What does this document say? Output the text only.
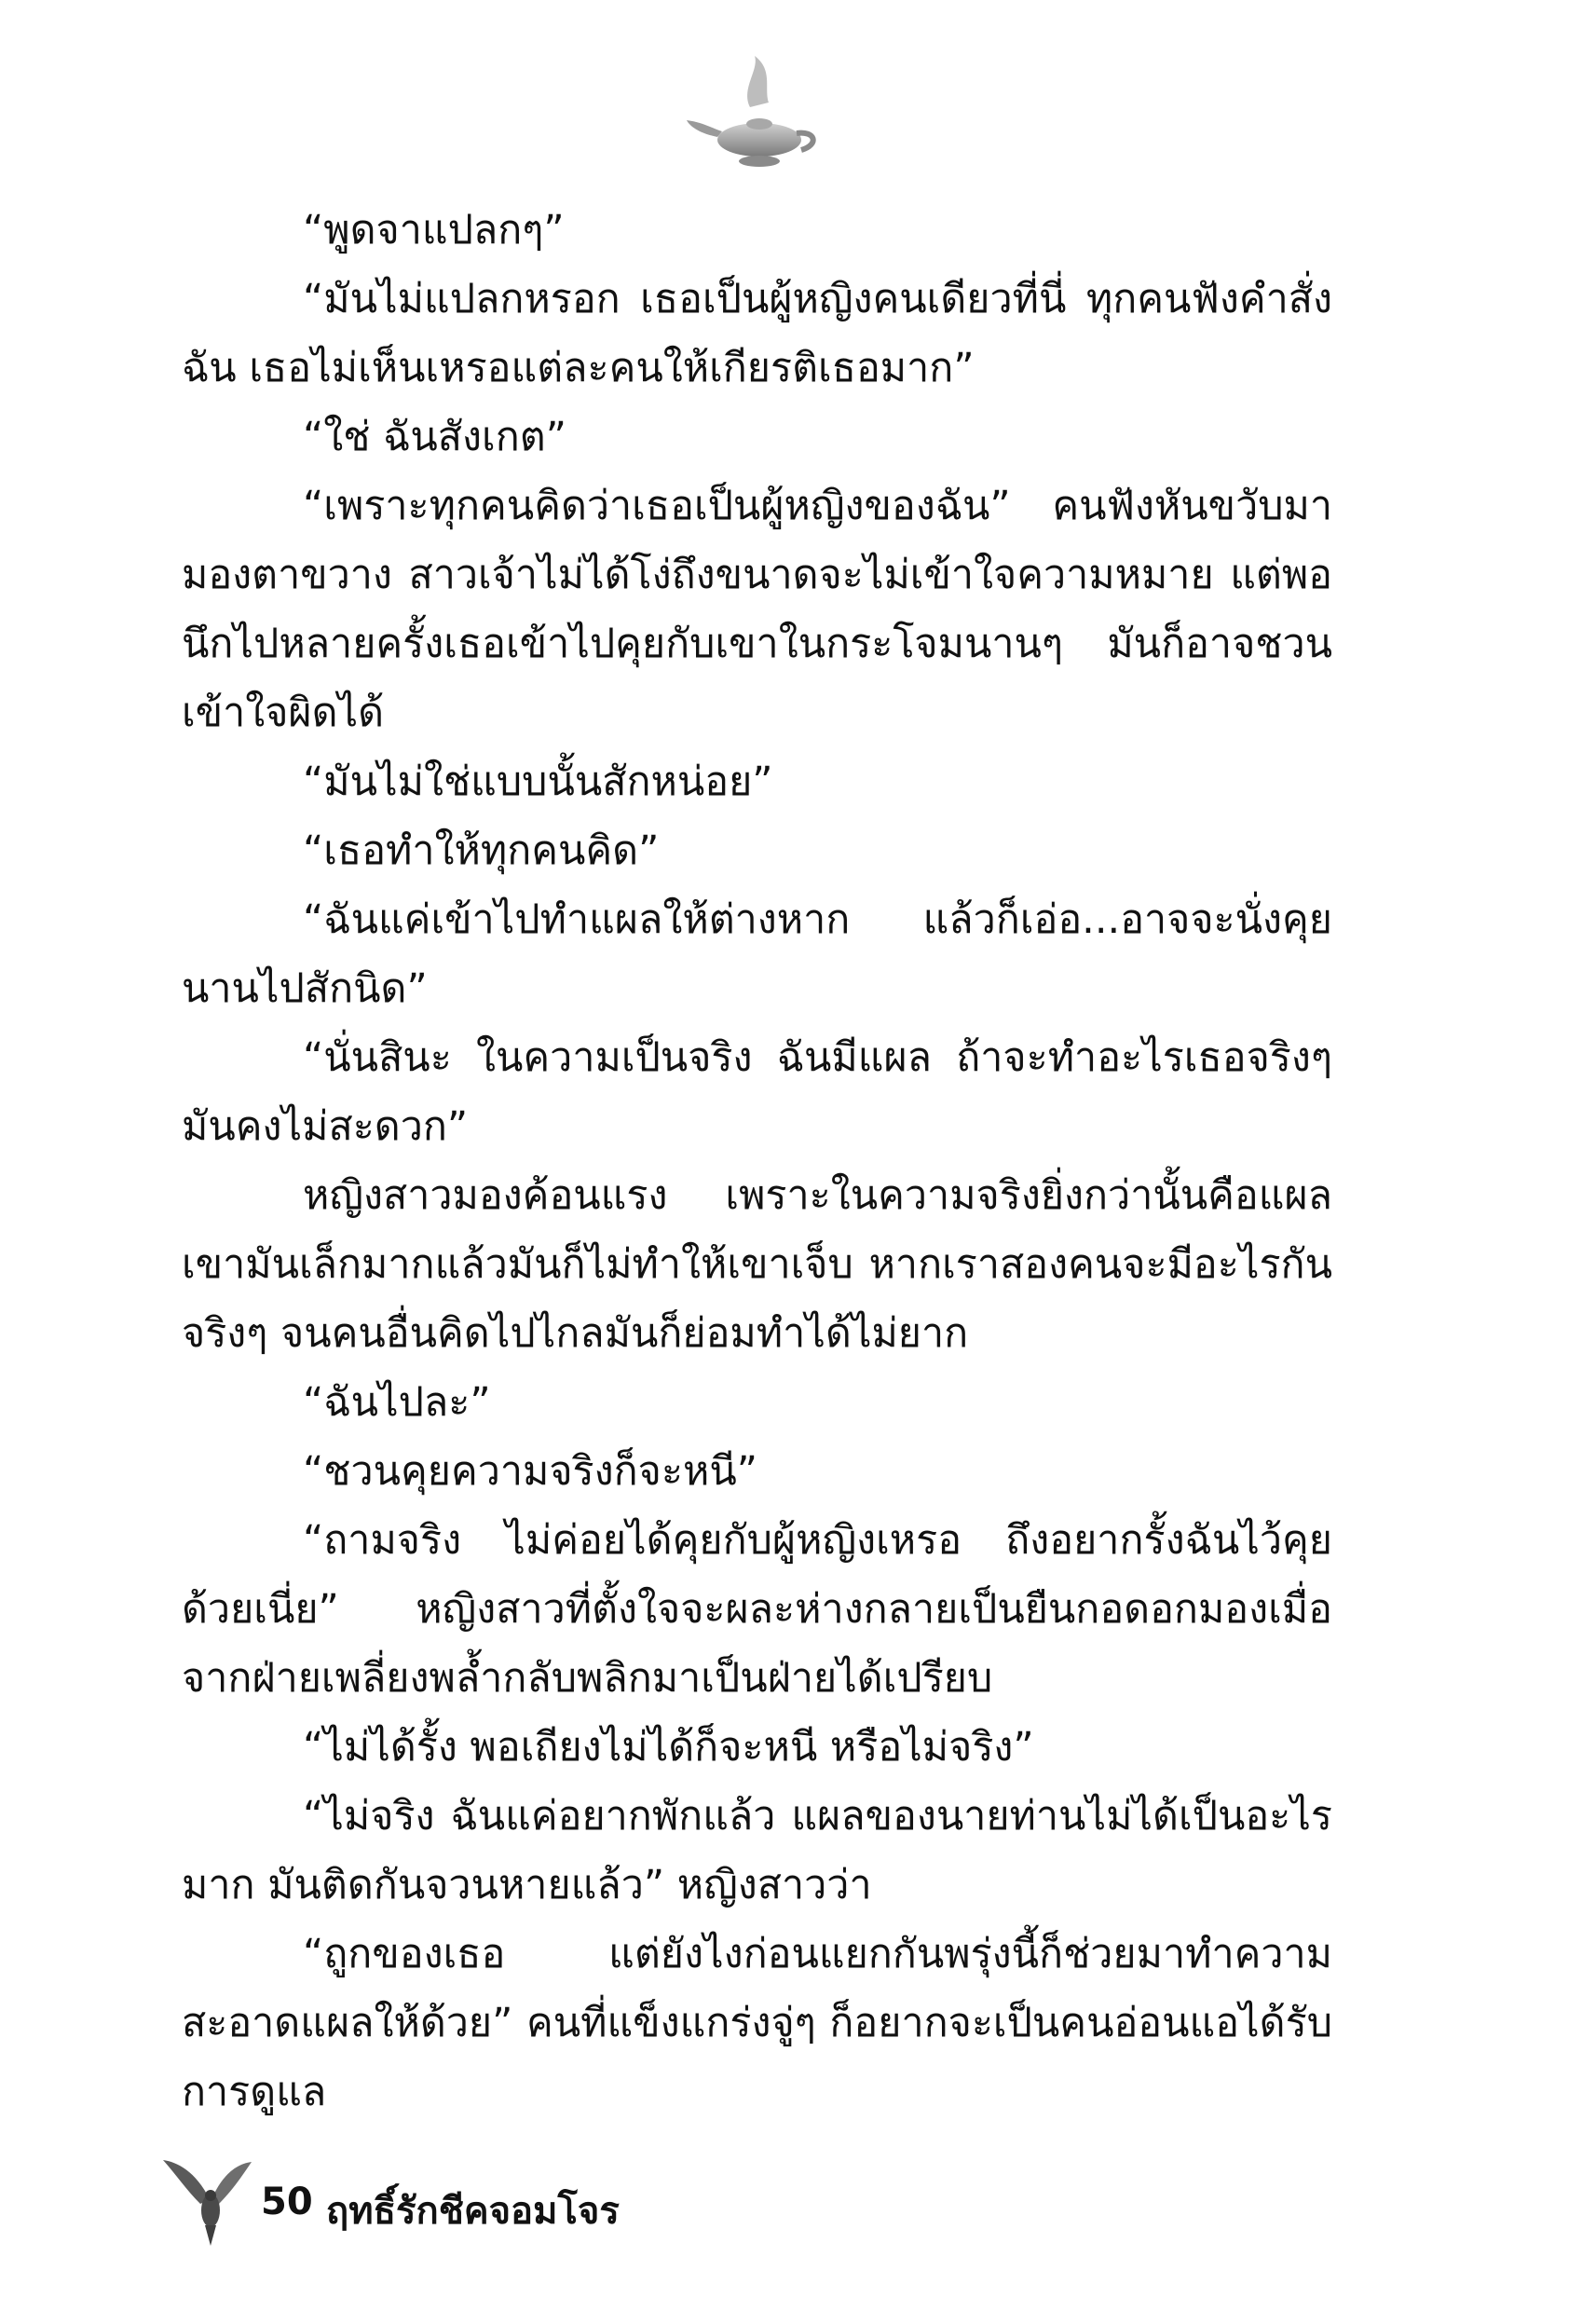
“พูดจาแปลกๆ”

“มันไม่แปลกหรอก เธอเป็นผู้หญิงคนเดียวที่นี่ ทุกคนฟังคำสั่งฉัน เธอไม่เห็นเหรอแต่ละคนให้เกียรติเธอมาก”

“ใช่ ฉันสังเกต”

“เพราะทุกคนคิดว่าเธอเป็นผู้หญิงของฉัน” คนฟังหันขวับมามองตาขวาง สาวเจ้าไม่ได้โง่ถึงขนาดจะไม่เข้าใจความหมาย แต่พอนึกไปหลายครั้งเธอเข้าไปคุยกับเขาในกระโจมนานๆ มันก็อาจชวนเข้าใจผิดได้

“มันไม่ใช่แบบนั้นสักหน่อย”

“เธอทำให้ทุกคนคิด”

“ฉันแค่เข้าไปทำแผลให้ต่างหาก แล้วก็เอ่อ...อาจจะนั่งคุยนานไปสักนิด”

“นั่นสินะ ในความเป็นจริง ฉันมีแผล ถ้าจะทำอะไรเธอจริงๆ มันคงไม่สะดวก”

หญิงสาวมองค้อนแรง เพราะในความจริงยิ่งกว่านั้นคือแผลเขามันเล็กมากแล้วมันก็ไม่ทำให้เขาเจ็บ หากเราสองคนจะมีอะไรกันจริงๆ จนคนอื่นคิดไปไกลมันก็ย่อมทำได้ไม่ยาก

“ฉันไปละ”

“ชวนคุยความจริงก็จะหนี”

“ถามจริง ไม่ค่อยได้คุยกับผู้หญิงเหรอ ถึงอยากรั้งฉันไว้คุยด้วยเนี่ย” หญิงสาวที่ตั้งใจจะผละห่างกลายเป็นยืนกอดอกมองเมื่อจากฝ่ายเพลี่ยงพล้ำกลับพลิกมาเป็นฝ่ายได้เปรียบ

“ไม่ได้รั้ง พอเถียงไม่ได้ก็จะหนี หรือไม่จริง”

“ไม่จริง ฉันแค่อยากพักแล้ว แผลของนายท่านไม่ได้เป็นอะไรมาก มันติดกันจวนหายแล้ว” หญิงสาวว่า

“ถูกของเธอ แต่ยังไงก่อนแยกกันพรุ่งนี้ก็ช่วยมาทำความสะอาดแผลให้ด้วย” คนที่แข็งแกร่งจู่ๆ ก็อยากจะเป็นคนอ่อนแอได้รับการดูแล

50 ฤทธิ์รักชีคจอมโจร
